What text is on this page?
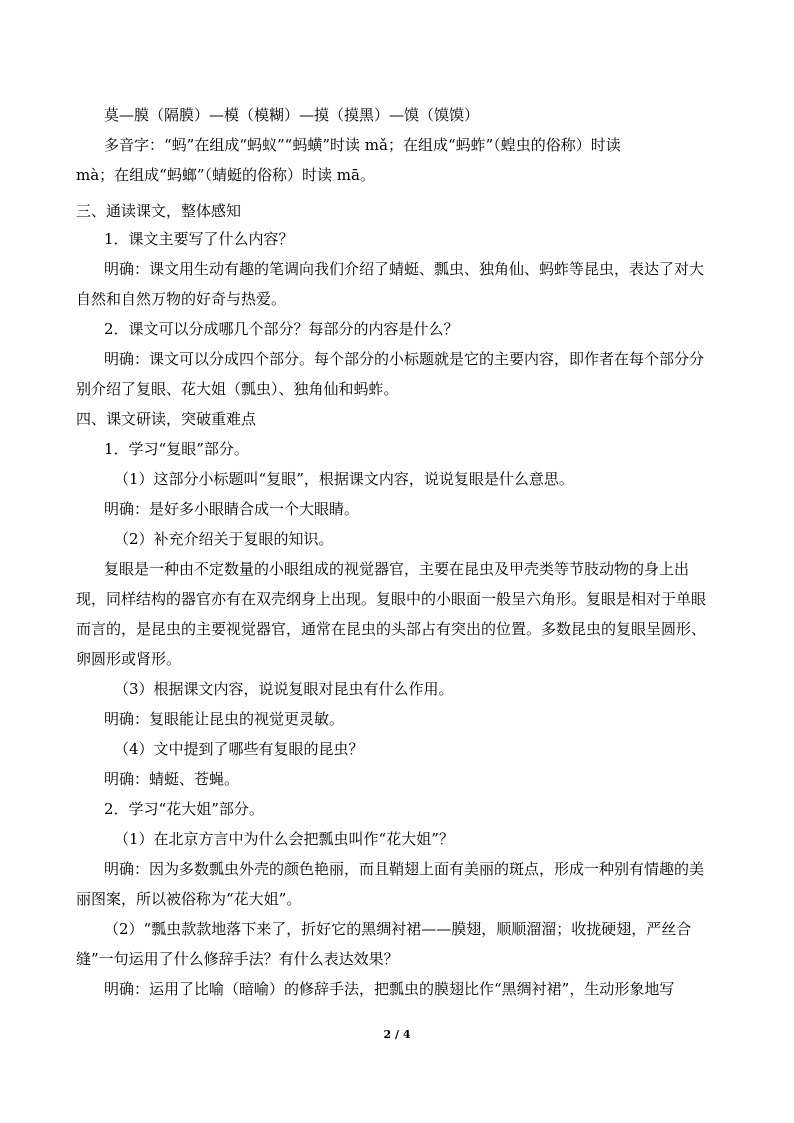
莫—膜（隔膜）—模（模糊）—摸（摸黑）—馍（馍馍）

多音字：“蚂”在组成“蚂蚁”“蚂蟥”时读 mǎ；在组成“蚂蚱”（蝗虫的俗称）时读

mà；在组成“蚂螂”（蜻蜓的俗称）时读 mā。

三、通读课文，整体感知

1．课文主要写了什么内容？

明确：课文用生动有趣的笔调向我们介绍了蜻蜓、瓢虫、独角仙、蚂蚱等昆虫，表达了对大自然和自然万物的好奇与热爱。

2．课文可以分成哪几个部分？每部分的内容是什么？

明确：课文可以分成四个部分。每个部分的小标题就是它的主要内容，即作者在每个部分分别介绍了复眼、花大姐（瓢虫）、独角仙和蚂蚱。

四、课文研读，突破重难点

1．学习“复眼”部分。

（1）这部分小标题叫“复眼”，根据课文内容，说说复眼是什么意思。

明确：是好多小眼睛合成一个大眼睛。

（2）补充介绍关于复眼的知识。

复眼是一种由不定数量的小眼组成的视觉器官，主要在昆虫及甲壳类等节肢动物的身上出现，同样结构的器官亦有在双壳纲身上出现。复眼中的小眼面一般呈六角形。复眼是相对于单眼而言的，是昆虫的主要视觉器官，通常在昆虫的头部占有突出的位置。多数昆虫的复眼呈圆形、卵圆形或肾形。

（3）根据课文内容，说说复眼对昆虫有什么作用。

明确：复眼能让昆虫的视觉更灵敏。

（4）文中提到了哪些有复眼的昆虫？

明确：蜻蜓、苍蝇。

2．学习“花大姐”部分。

（1）在北京方言中为什么会把瓢虫叫作“花大姐”？

明确：因为多数瓢虫外壳的颜色艳丽，而且鞘翅上面有美丽的斑点，形成一种别有情趣的美丽图案，所以被俗称为“花大姐”。

（2）“瓢虫款款地落下来了，折好它的黑绸衬裙——膜翅，顺顺溜溜；收拢硬翅，严丝合缝”一句运用了什么修辞手法？有什么表达效果？

明确：运用了比喻（暗喻）的修辞手法，把瓢虫的膜翅比作“黑绸衬裙”，生动形象地写

2 / 4
